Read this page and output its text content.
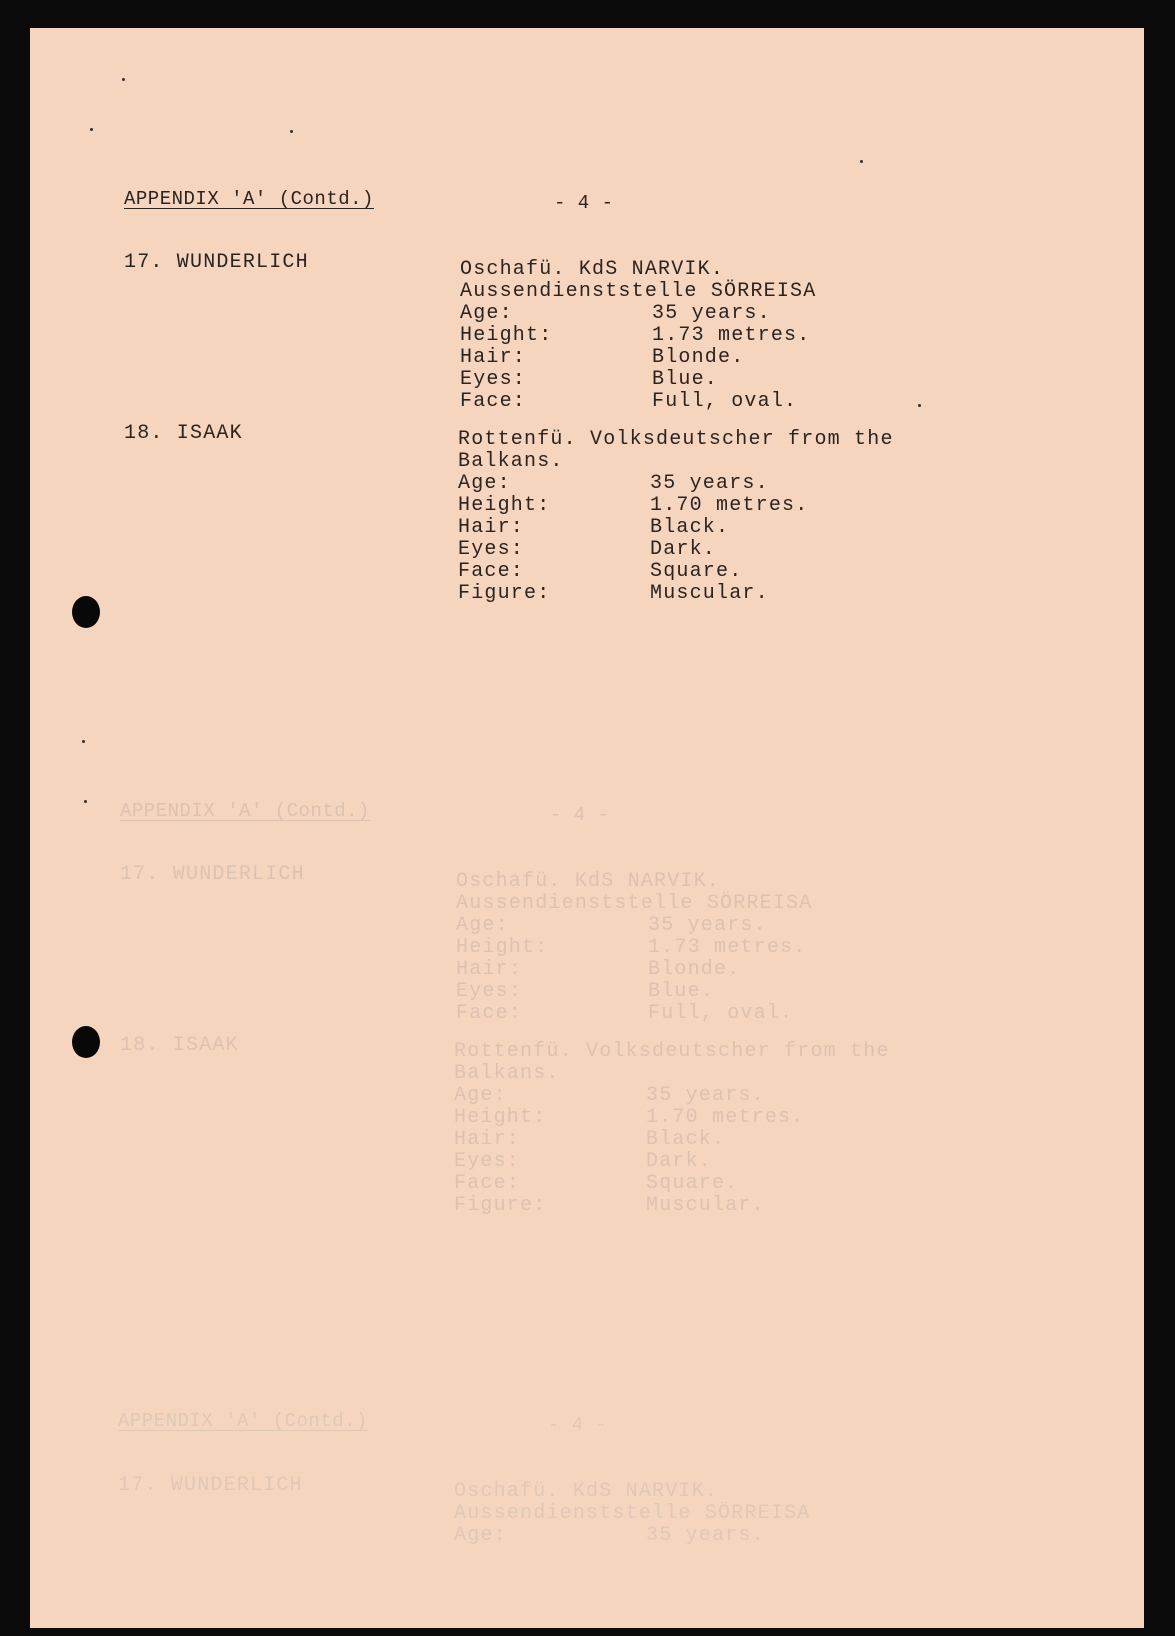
APPENDIX 'A' (Contd.)	- 4 -
17. WUNDERLICH	Oschafü. KdS NARVIK.
Aussendienststelle SÖRREISA
Age:	35 years.
Height:	1.73 metres.
Hair:	Blonde.
Eyes:	Blue.
Face:	Full, oval.
18. ISAAK	Rottenfü. Volksdeutscher from the
Balkans.
Age:	35 years.
Height:	1.70 metres.
Hair:	Black.
Eyes:	Dark.
Face:	Square.
Figure:	Muscular.
APPENDIX 'A' (Contd.)	- 4 -
17. WUNDERLICH	Oschafü. KdS NARVIK.
Aussendienststelle SÖRREISA
Age:	35 years.
Height:	1.73 metres.
Hair:	Blonde.
Eyes:	Blue.
Face:	Full, oval.
18. ISAAK	Rottenfü. Volksdeutscher from the
Balkans.
Age:	35 years.
Height:	1.70 metres.
Hair:	Black.
Eyes:	Dark.
Face:	Square.
Figure:	Muscular.
APPENDIX 'A' (Contd.)	- 4 -
17. WUNDERLICH	Oschafü. KdS NARVIK.
Aussendienststelle SÖRREISA
Age:	35 years.
